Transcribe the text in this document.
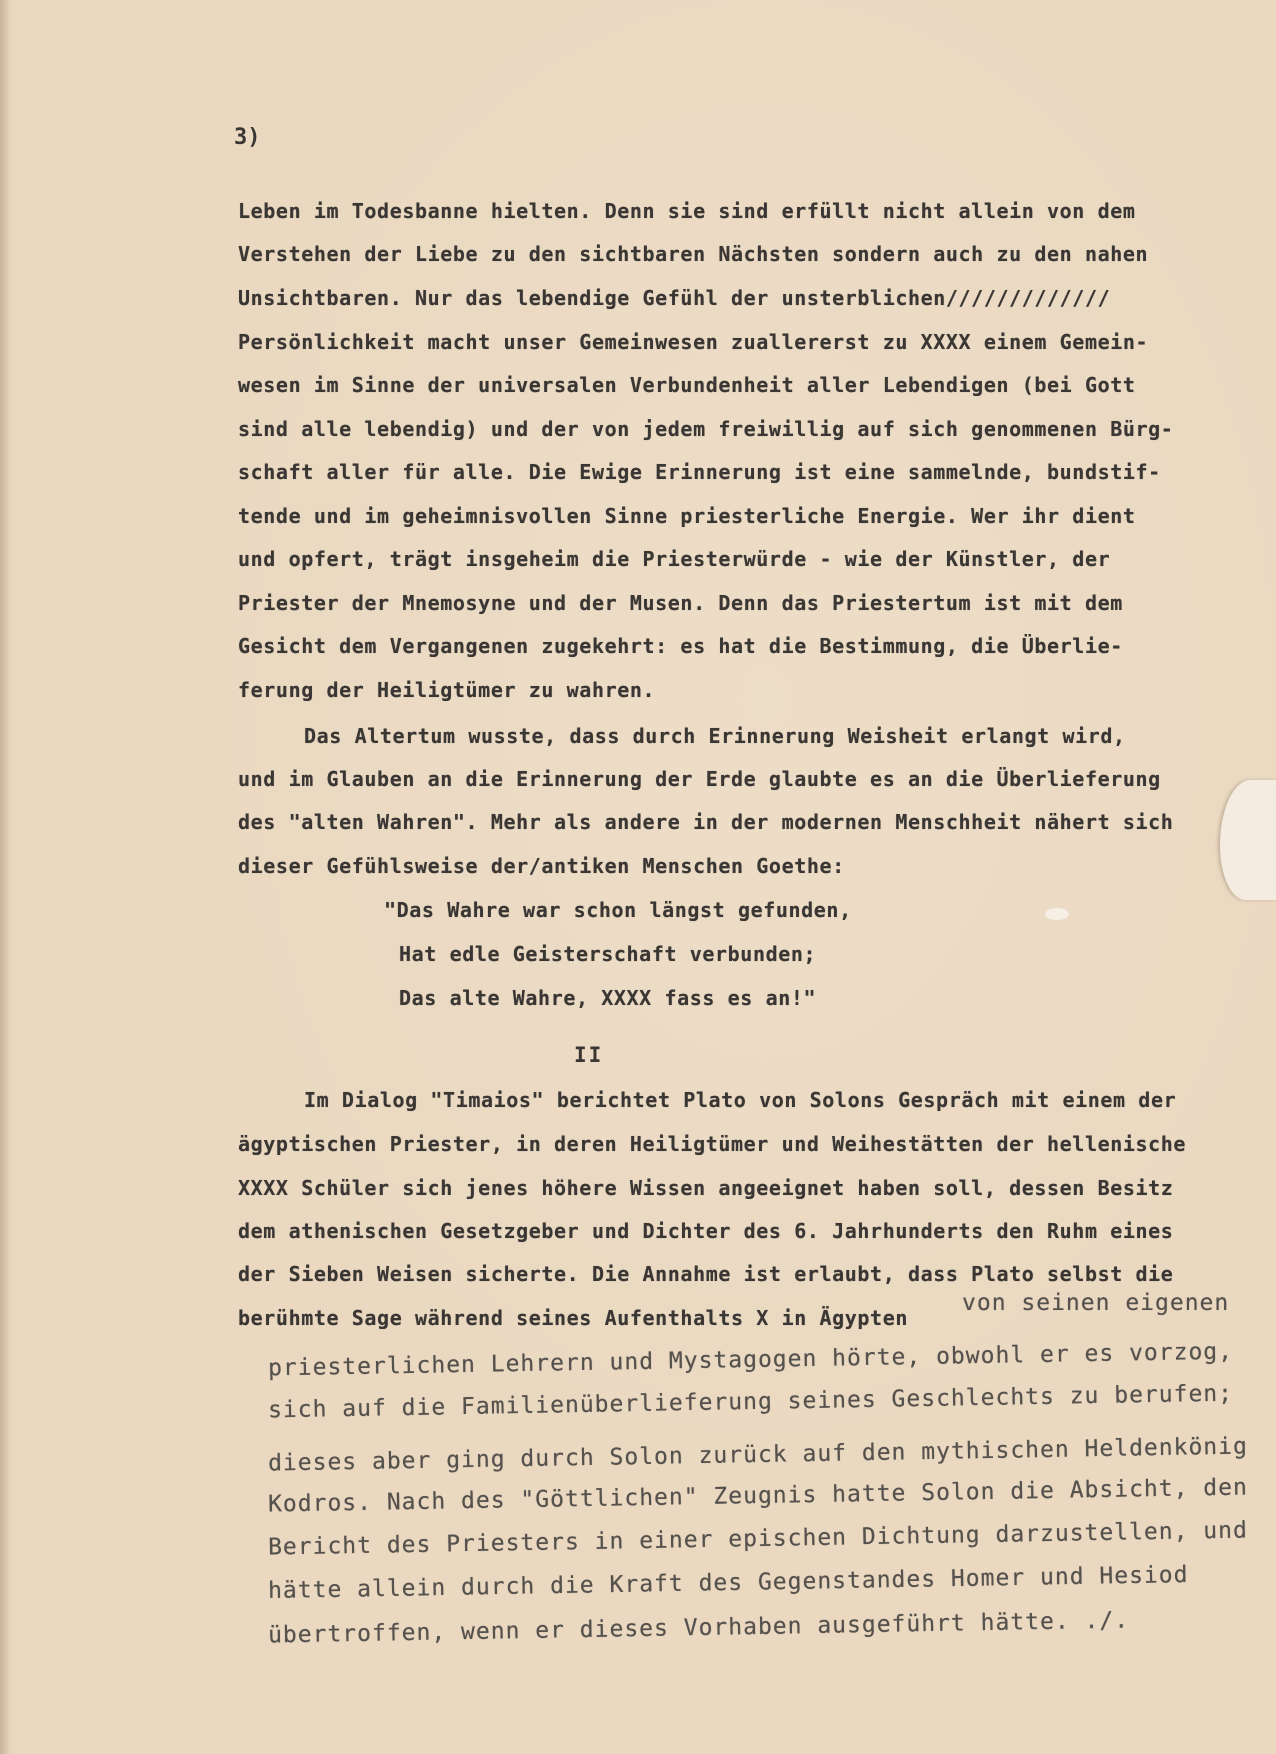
3)
Leben im Todesbanne hielten. Denn sie sind erfüllt nicht allein von dem
Verstehen der Liebe zu den sichtbaren Nächsten sondern auch zu den nahen
Unsichtbaren. Nur das lebendige Gefühl der unsterblichen/////////////
Persönlichkeit macht unser Gemeinwesen zuallererst zu XXXX einem Gemein-
wesen im Sinne der universalen Verbundenheit aller Lebendigen (bei Gott
sind alle lebendig) und der von jedem freiwillig auf sich genommenen Bürg-
schaft aller für alle. Die Ewige Erinnerung ist eine sammelnde, bundstif-
tende und im geheimnisvollen Sinne priesterliche Energie. Wer ihr dient
und opfert, trägt insgeheim die Priesterwürde - wie der Künstler, der
Priester der Mnemosyne und der Musen. Denn das Priestertum ist mit dem
Gesicht dem Vergangenen zugekehrt: es hat die Bestimmung, die Überlie-
ferung der Heiligtümer zu wahren.
Das Altertum wusste, dass durch Erinnerung Weisheit erlangt wird,
und im Glauben an die Erinnerung der Erde glaubte es an die Überlieferung
des "alten Wahren". Mehr als andere in der modernen Menschheit nähert sich
dieser Gefühlsweise der/antiken Menschen Goethe:
"Das Wahre war schon längst gefunden,
Hat edle Geisterschaft verbunden;
Das alte Wahre, XXXX fass es an!"
II
Im Dialog "Timaios" berichtet Plato von Solons Gespräch mit einem der
ägyptischen Priester, in deren Heiligtümer und Weihestätten der hellenische
XXXX Schüler sich jenes höhere Wissen angeeignet haben soll, dessen Besitz
dem athenischen Gesetzgeber und Dichter des 6. Jahrhunderts den Ruhm eines
der Sieben Weisen sicherte. Die Annahme ist erlaubt, dass Plato selbst die
berühmte Sage während seines Aufenthalts X in Ägypten
von seinen eigenen
priesterlichen Lehrern und Mystagogen hörte, obwohl er es vorzog,
sich auf die Familienüberlieferung seines Geschlechts zu berufen;
dieses aber ging durch Solon zurück auf den mythischen Heldenkönig
Kodros. Nach des "Göttlichen" Zeugnis hatte Solon die Absicht, den
Bericht des Priesters in einer epischen Dichtung darzustellen, und
hätte allein durch die Kraft des Gegenstandes Homer und Hesiod
übertroffen, wenn er dieses Vorhaben ausgeführt hätte. ./.
